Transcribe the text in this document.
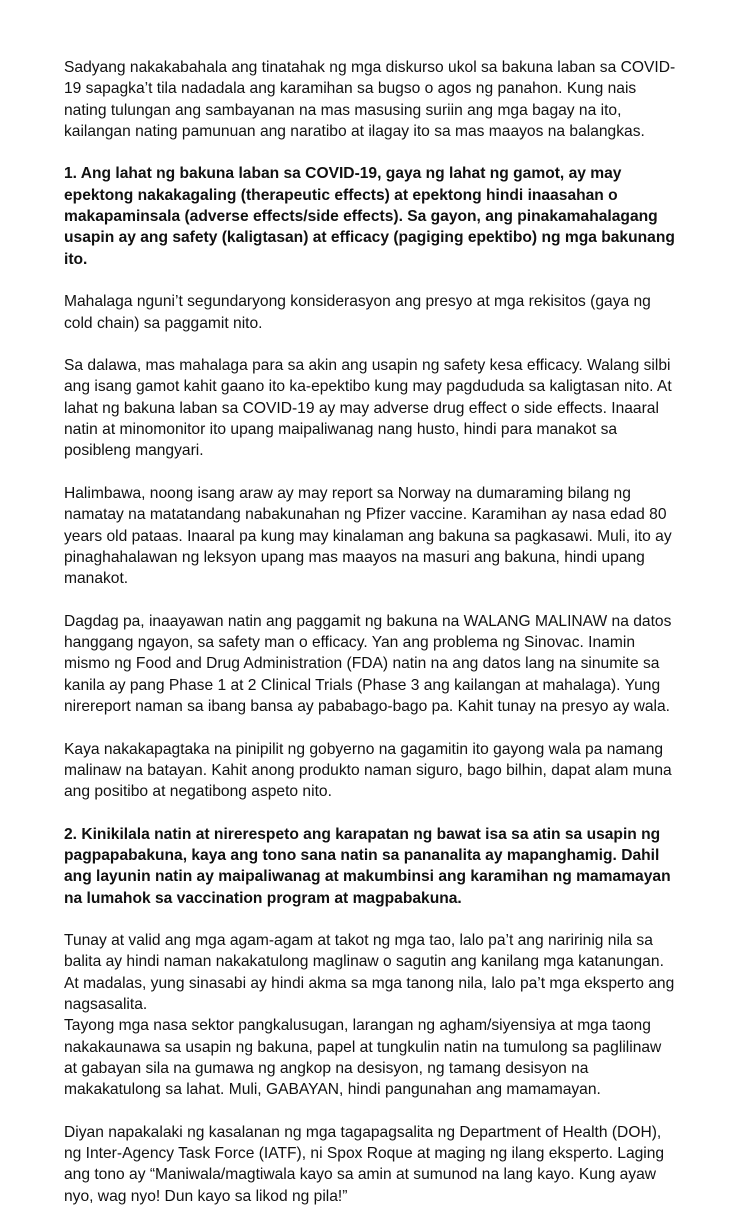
Sadyang nakakabahala ang tinatahak ng mga diskurso ukol sa bakuna laban sa COVID-19 sapagka’t tila nadadala ang karamihan sa bugso o agos ng panahon. Kung nais nating tulungan ang sambayanan na mas masusing suriin ang mga bagay na ito, kailangan nating pamunuan ang naratibo at ilagay ito sa mas maayos na balangkas.

1. Ang lahat ng bakuna laban sa COVID-19, gaya ng lahat ng gamot, ay may epektong nakakagaling (therapeutic effects) at epektong hindi inaasahan o makapaminsala (adverse effects/side effects). Sa gayon, ang pinakamahalagang usapin ay ang safety (kaligtasan) at efficacy (pagiging epektibo) ng mga bakunang ito.

Mahalaga nguni’t segundaryong konsiderasyon ang presyo at mga rekisitos (gaya ng cold chain) sa paggamit nito.

Sa dalawa, mas mahalaga para sa akin ang usapin ng safety kesa efficacy. Walang silbi ang isang gamot kahit gaano ito ka-epektibo kung may pagdududa sa kaligtasan nito. At lahat ng bakuna laban sa COVID-19 ay may adverse drug effect o side effects. Inaaral natin at minomonitor ito upang maipaliwanag nang husto, hindi para manakot sa posibleng mangyari.

Halimbawa, noong isang araw ay may report sa Norway na dumaraming bilang ng namatay na matatandang nabakunahan ng Pfizer vaccine. Karamihan ay nasa edad 80 years old pataas. Inaaral pa kung may kinalaman ang bakuna sa pagkasawi. Muli, ito ay pinaghahalawan ng leksyon upang mas maayos na masuri ang bakuna, hindi upang manakot.

Dagdag pa, inaayawan natin ang paggamit ng bakuna na WALANG MALINAW na datos hanggang ngayon, sa safety man o efficacy. Yan ang problema ng Sinovac. Inamin mismo ng Food and Drug Administration (FDA) natin na ang datos lang na sinumite sa kanila ay pang Phase 1 at 2 Clinical Trials (Phase 3 ang kailangan at mahalaga). Yung nirereport naman sa ibang bansa ay pababago-bago pa. Kahit tunay na presyo ay wala.

Kaya nakakapagtaka na pinipilit ng gobyerno na gagamitin ito gayong wala pa namang malinaw na batayan. Kahit anong produkto naman siguro, bago bilhin, dapat alam muna ang positibo at negatibong aspeto nito.

2. Kinikilala natin at nirerespeto ang karapatan ng bawat isa sa atin sa usapin ng pagpapabakuna, kaya ang tono sana natin sa pananalita ay mapanghamig. Dahil ang layunin natin ay maipaliwanag at makumbinsi ang karamihan ng mamamayan na lumahok sa vaccination program at magpabakuna.

Tunay at valid ang mga agam-agam at takot ng mga tao, lalo pa’t ang naririnig nila sa balita ay hindi naman nakakatulong maglinaw o sagutin ang kanilang mga katanungan. At madalas, yung sinasabi ay hindi akma sa mga tanong nila, lalo pa’t mga eksperto ang nagsasalita.

Tayong mga nasa sektor pangkalusugan, larangan ng agham/siyensiya at mga taong nakakaunawa sa usapin ng bakuna, papel at tungkulin natin na tumulong sa paglilinaw at gabayan sila na gumawa ng angkop na desisyon, ng tamang desisyon na makakatulong sa lahat. Muli, GABAYAN, hindi pangunahan ang mamamayan.

Diyan napakalaki ng kasalanan ng mga tagapagsalita ng Department of Health (DOH), ng Inter-Agency Task Force (IATF), ni Spox Roque at maging ng ilang eksperto. Laging ang tono ay “Maniwala/magtiwala kayo sa amin at sumunod na lang kayo. Kung ayaw nyo, wag nyo! Dun kayo sa likod ng pila!”
